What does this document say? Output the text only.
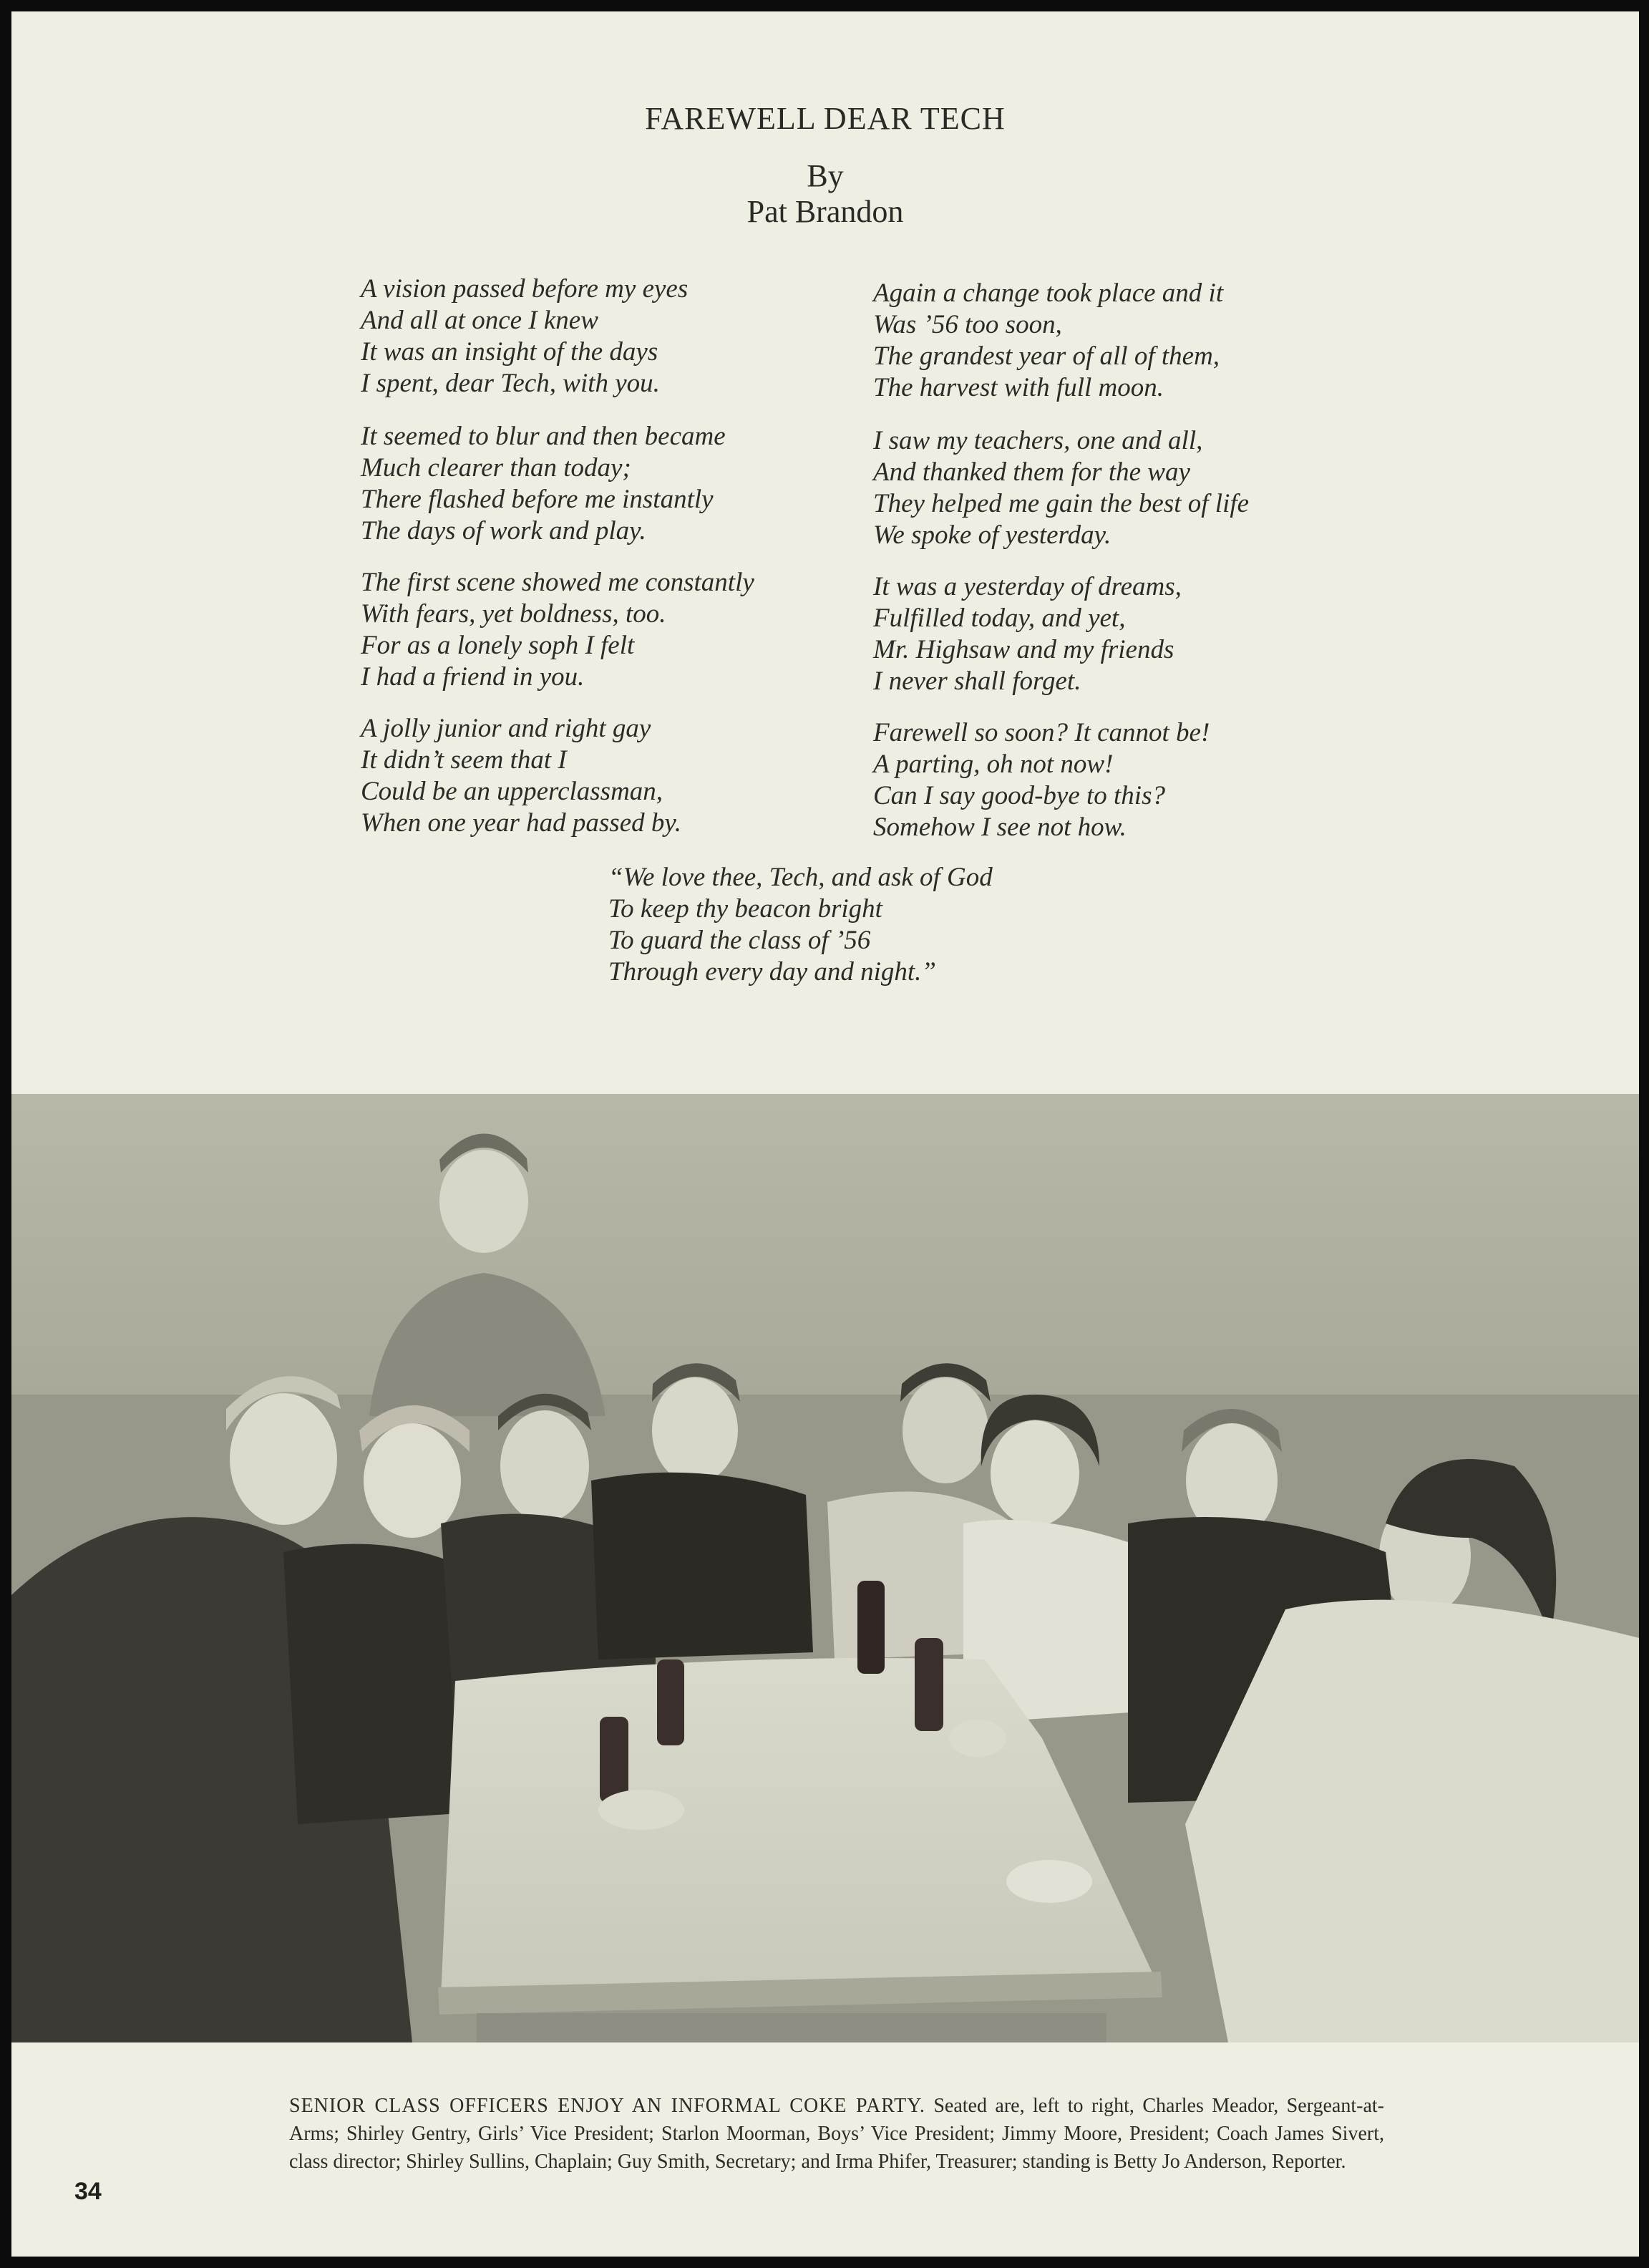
FAREWELL DEAR TECH
By
Pat Brandon
A vision passed before my eyes
And all at once I knew
It was an insight of the days
I spent, dear Tech, with you.
It seemed to blur and then became
Much clearer than today;
There flashed before me instantly
The days of work and play.
The first scene showed me constantly
With fears, yet boldness, too.
For as a lonely soph I felt
I had a friend in you.
A jolly junior and right gay
It didn’t seem that I
Could be an upperclassman,
When one year had passed by.
Again a change took place and it
Was ’56 too soon,
The grandest year of all of them,
The harvest with full moon.
I saw my teachers, one and all,
And thanked them for the way
They helped me gain the best of life
We spoke of yesterday.
It was a yesterday of dreams,
Fulfilled today, and yet,
Mr. Highsaw and my friends
I never shall forget.
Farewell so soon? It cannot be!
A parting, oh not now!
Can I say good-bye to this?
Somehow I see not how.
“We love thee, Tech, and ask of God
To keep thy beacon bright
To guard the class of ’56
Through every day and night.”
SENIOR CLASS OFFICERS ENJOY AN INFORMAL COKE PARTY. Seated are, left to right, Charles Meador, Sergeant-at-Arms; Shirley Gentry, Girls’ Vice President; Starlon Moorman, Boys’ Vice President; Jimmy Moore, President; Coach James Sivert, class director; Shirley Sullins, Chaplain; Guy Smith, Secretary; and Irma Phifer, Treasurer; standing is Betty Jo Anderson, Reporter.
34
